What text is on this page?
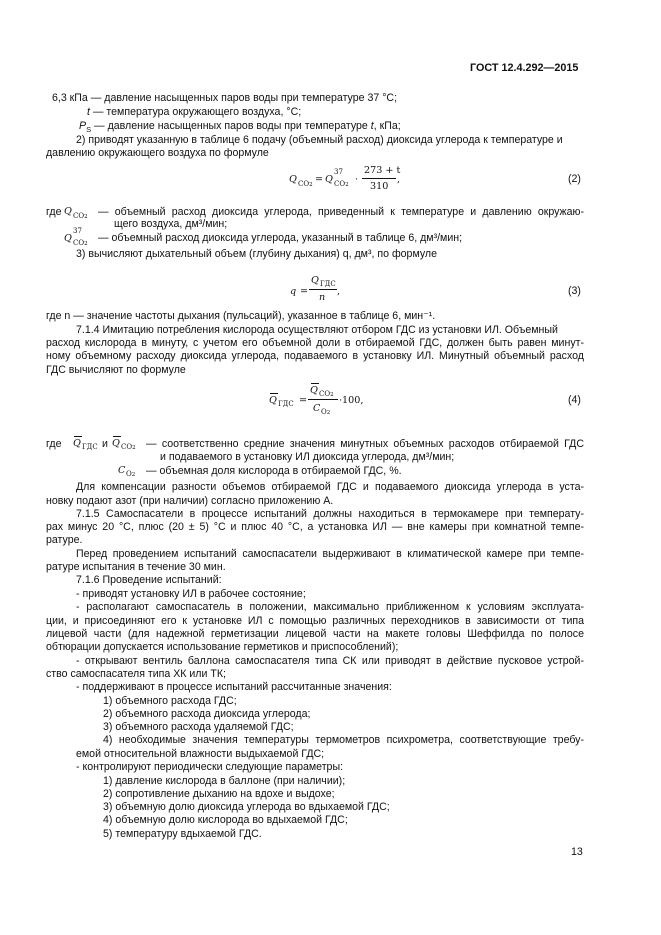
ГОСТ 12.4.292—2015
6,3 кПа — давление насыщенных паров воды при температуре 37 °С;
t — температура окружающего воздуха, °С;
$P_S$ — давление насыщенных паров воды при температуре t, кПа;
2) приводят указанную в таблице 6 подачу (объемный расход) диоксида углерода к температуре и
давлению окружающего воздуха по формуле
Q CO2 = Q
37
CO2 ·
273 + t
310
,	(2)
где Q CO2 — объемный расход диоксида углерода, приведенный к температуре и давлению окружаю-
щего воздуха, дм³/мин;
Q
37
CO2 — объемный расход диоксида углерода, указанный в таблице 6, дм³/мин;
3) вычисляют дыхательный объем (глубину дыхания) q, дм³, по формуле
q =
Q ГДС
n
,	(3)
где n — значение частоты дыхания (пульсаций), указанное в таблице 6, мин⁻¹.
7.1.4 Имитацию потребления кислорода осуществляют отбором ГДС из установки ИЛ. Объемный
расход кислорода в минуту, с учетом его объемной доли в отбираемой ГДС, должен быть равен минут-
ному объемному расходу диоксида углерода, подаваемого в установку ИЛ. Минутный объемный расход
ГДС вычисляют по формуле
Q ГДС =
Q CO2
C O2
·100,	(4)
где Q ГДС и Q CO2 — соответственно средние значения минутных объемных расходов отбираемой ГДС
и подаваемого в установку ИЛ диоксида углерода, дм³/мин;
C O2 — объемная доля кислорода в отбираемой ГДС, %.
Для компенсации разности объемов отбираемой ГДС и подаваемого диоксида углерода в уста-
новку подают азот (при наличии) согласно приложению А.
7.1.5 Самоспасатели в процессе испытаний должны находиться в термокамере при температу-
рах минус 20 °С, плюс (20 ± 5) °С и плюс 40 °С, а установка ИЛ — вне камеры при комнатной темпе-
ратуре.
Перед проведением испытаний самоспасатели выдерживают в климатической камере при темпе-
ратуре испытания в течение 30 мин.
7.1.6 Проведение испытаний:
- приводят установку ИЛ в рабочее состояние;
- располагают самоспасатель в положении, максимально приближенном к условиям эксплуата-
ции, и присоединяют его к установке ИЛ с помощью различных переходников в зависимости от типа
лицевой части (для надежной герметизации лицевой части на макете головы Шеффилда по полосе
обтюрации допускается использование герметиков и приспособлений);
- открывают вентиль баллона самоспасателя типа СК или приводят в действие пусковое устрой-
ство самоспасателя типа ХК или ТК;
- поддерживают в процессе испытаний рассчитанные значения:
1) объемного расхода ГДС;
2) объемного расхода диоксида углерода;
3) объемного расхода удаляемой ГДС;
4) необходимые значения температуры термометров психрометра, соответствующие требу-
емой относительной влажности выдыхаемой ГДС;
- контролируют периодически следующие параметры:
1) давление кислорода в баллоне (при наличии);
2) сопротивление дыханию на вдохе и выдохе;
3) объемную долю диоксида углерода во вдыхаемой ГДС;
4) объемную долю кислорода во вдыхаемой ГДС;
5) температуру вдыхаемой ГДС.
13
